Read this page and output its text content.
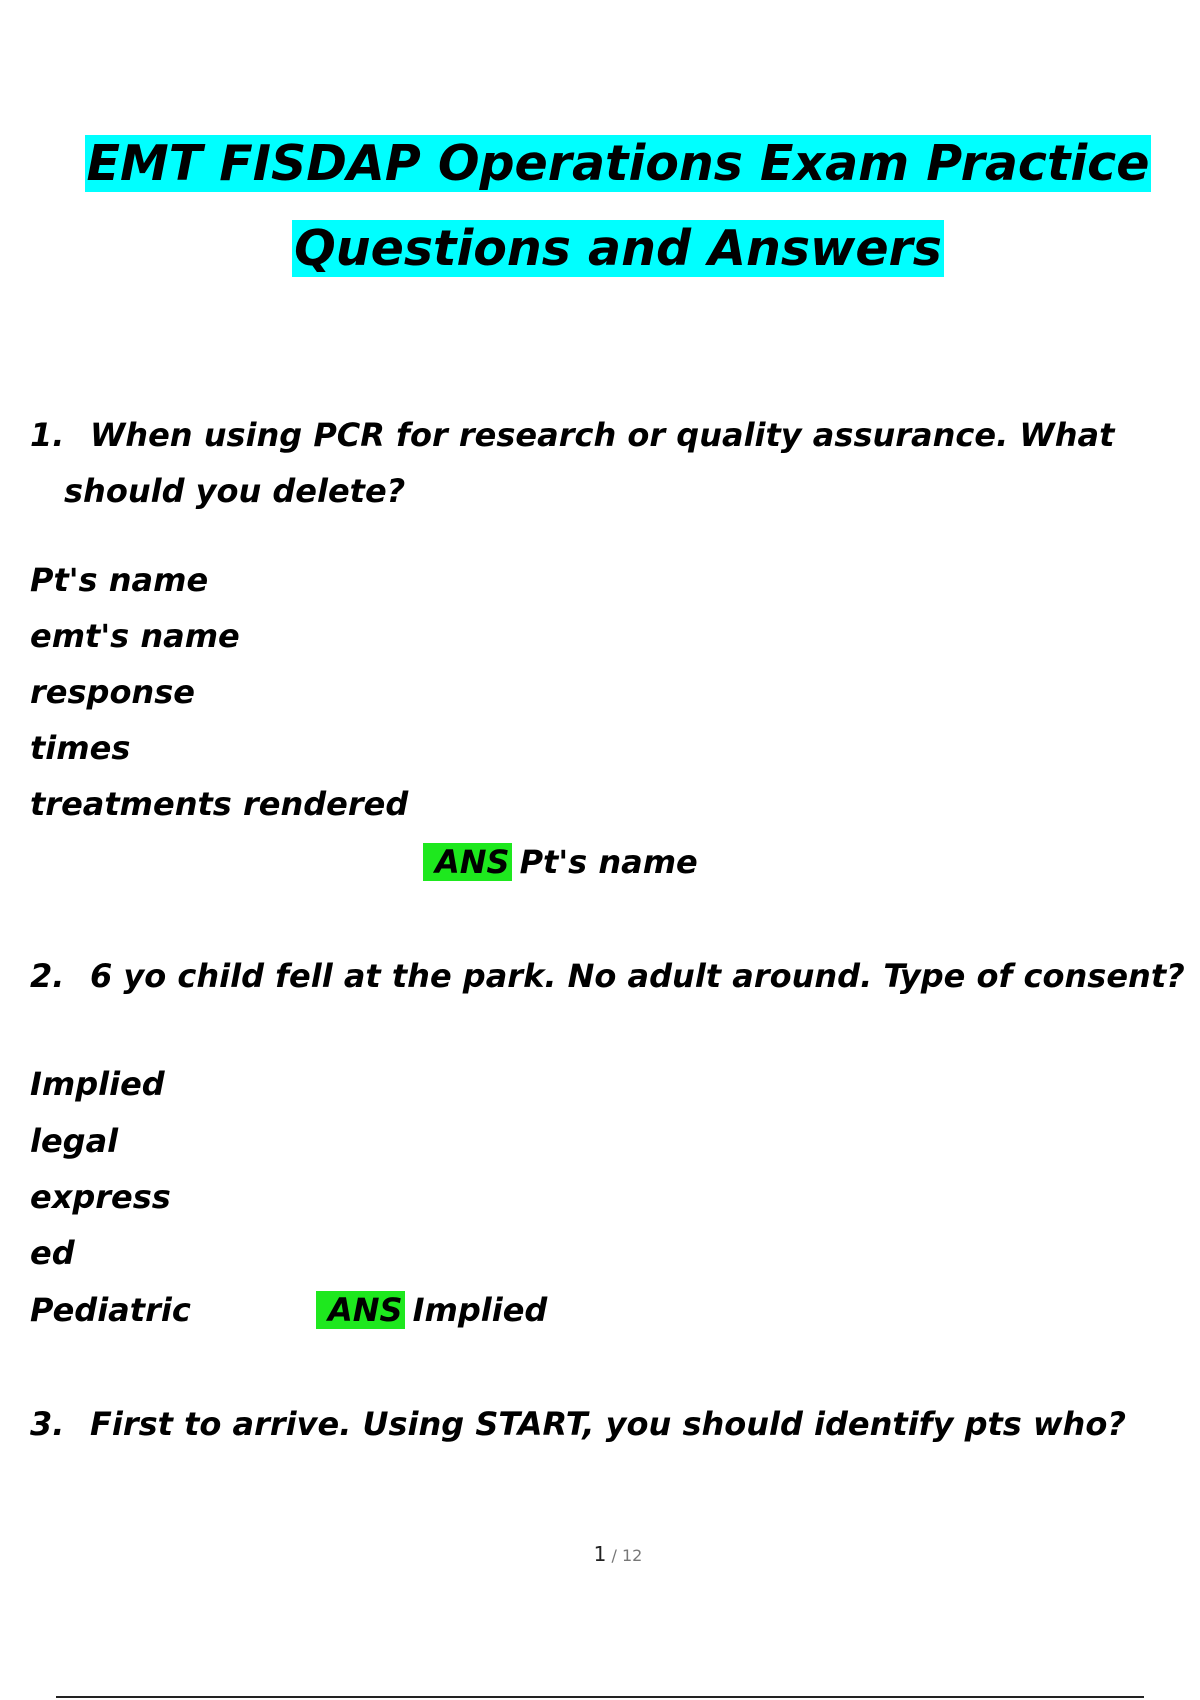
EMT FISDAP Operations Exam Practice
Questions and Answers
1. When using PCR for research or quality assurance. What
should you delete?
Pt's name
emt's name
response
times
treatments rendered
ANS Pt's name
2. 6 yo child fell at the park. No adult around. Type of consent?
Implied
legal
express
ed
Pediatric	ANS Implied
3. First to arrive. Using START, you should identify pts who?
1 / 12
